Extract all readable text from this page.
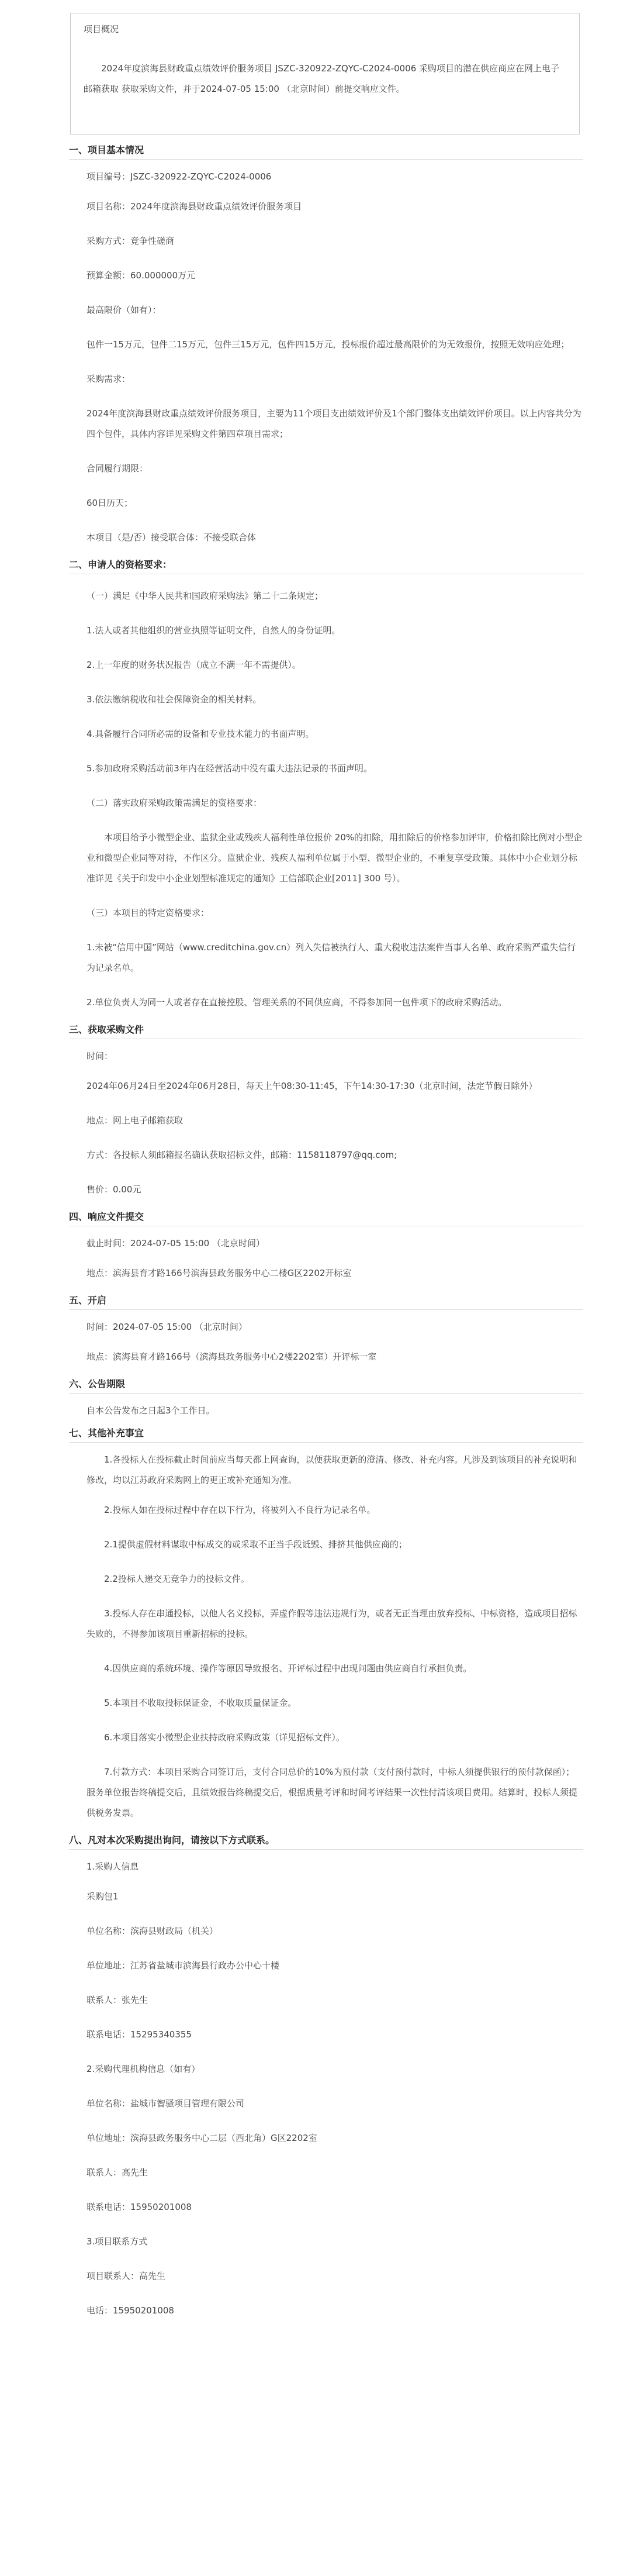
项目概况
2024年度滨海县财政重点绩效评价服务项目 JSZC-320922-ZQYC-C2024-0006 采购项目的潜在供应商应在网上电子邮箱获取 获取采购文件，并于2024-07-05 15:00 （北京时间）前提交响应文件。
一、项目基本情况
项目编号：JSZC-320922-ZQYC-C2024-0006
项目名称：2024年度滨海县财政重点绩效评价服务项目
采购方式：竞争性磋商
预算金额：60.000000万元
最高限价（如有）：
包件一15万元，包件二15万元，包件三15万元，包件四15万元，投标报价超过最高限价的为无效报价，按照无效响应处理；
采购需求：
2024年度滨海县财政重点绩效评价服务项目，主要为11个项目支出绩效评价及1个部门整体支出绩效评价项目。以上内容共分为四个包件，具体内容详见采购文件第四章项目需求；
合同履行期限：
60日历天；
本项目（是/否）接受联合体：不接受联合体
二、申请人的资格要求：
（一）满足《中华人民共和国政府采购法》第二十二条规定；
1.法人或者其他组织的营业执照等证明文件，自然人的身份证明。
2.上一年度的财务状况报告（成立不满一年不需提供）。
3.依法缴纳税收和社会保障资金的相关材料。
4.具备履行合同所必需的设备和专业技术能力的书面声明。
5.参加政府采购活动前3年内在经营活动中没有重大违法记录的书面声明。
（二）落实政府采购政策需满足的资格要求：
本项目给予小微型企业、监狱企业或残疾人福利性单位报价 20%的扣除，用扣除后的价格参加评审，价格扣除比例对小型企业和微型企业同等对待，不作区分。监狱企业、残疾人福利单位属于小型、微型企业的，不重复享受政策。具体中小企业划分标准详见《关于印发中小企业划型标准规定的通知》工信部联企业[2011] 300 号）。
（三）本项目的特定资格要求：
1.未被“信用中国”网站（www.creditchina.gov.cn）列入失信被执行人、重大税收违法案件当事人名单、政府采购严重失信行为记录名单。
2.单位负责人为同一人或者存在直接控股、管理关系的不同供应商，不得参加同一包件项下的政府采购活动。
三、获取采购文件
时间：
2024年06月24日至2024年06月28日，每天上午08:30-11:45，下午14:30-17:30（北京时间，法定节假日除外）
地点：网上电子邮箱获取
方式：各投标人须邮箱报名确认获取招标文件，邮箱：1158118797@qq.com;
售价：0.00元
四、响应文件提交
截止时间：2024-07-05 15:00 （北京时间）
地点：滨海县育才路166号滨海县政务服务中心二楼G区2202开标室
五、开启
时间：2024-07-05 15:00 （北京时间）
地点：滨海县育才路166号（滨海县政务服务中心2楼2202室）开评标一室
六、公告期限
自本公告发布之日起3个工作日。
七、其他补充事宜
1.各投标人在投标截止时间前应当每天都上网查询，以便获取更新的澄清、修改、补充内容。凡涉及到该项目的补充说明和修改，均以江苏政府采购网上的更正或补充通知为准。
2.投标人如在投标过程中存在以下行为，将被列入不良行为记录名单。
2.1提供虚假材料谋取中标成交的或采取不正当手段诋毁、排挤其他供应商的；
2.2投标人递交无竞争力的投标文件。
3.投标人存在串通投标，以他人名义投标，弄虚作假等违法违规行为，或者无正当理由放弃投标、中标资格，造成项目招标失败的，不得参加该项目重新招标的投标。
4.因供应商的系统环境、操作等原因导致报名、开评标过程中出现问题由供应商自行承担负责。
5.本项目不收取投标保证金，不收取质量保证金。
6.本项目落实小微型企业扶持政府采购政策（详见招标文件）。
7.付款方式：本项目采购合同签订后，支付合同总价的10%为预付款（支付预付款时，中标人须提供银行的预付款保函）；服务单位报告终稿提交后，且绩效报告终稿提交后，根据质量考评和时间考评结果一次性付清该项目费用。结算时，投标人须提供税务发票。
八、凡对本次采购提出询问，请按以下方式联系。
1.采购人信息
采购包1
单位名称：滨海县财政局（机关）
单位地址：江苏省盐城市滨海县行政办公中心十楼
联系人：张先生
联系电话：15295340355
2.采购代理机构信息（如有）
单位名称：盐城市智骚项目管理有限公司
单位地址：滨海县政务服务中心二层（西北角）G区2202室
联系人：高先生
联系电话：15950201008
3.项目联系方式
项目联系人：高先生
电话：15950201008
